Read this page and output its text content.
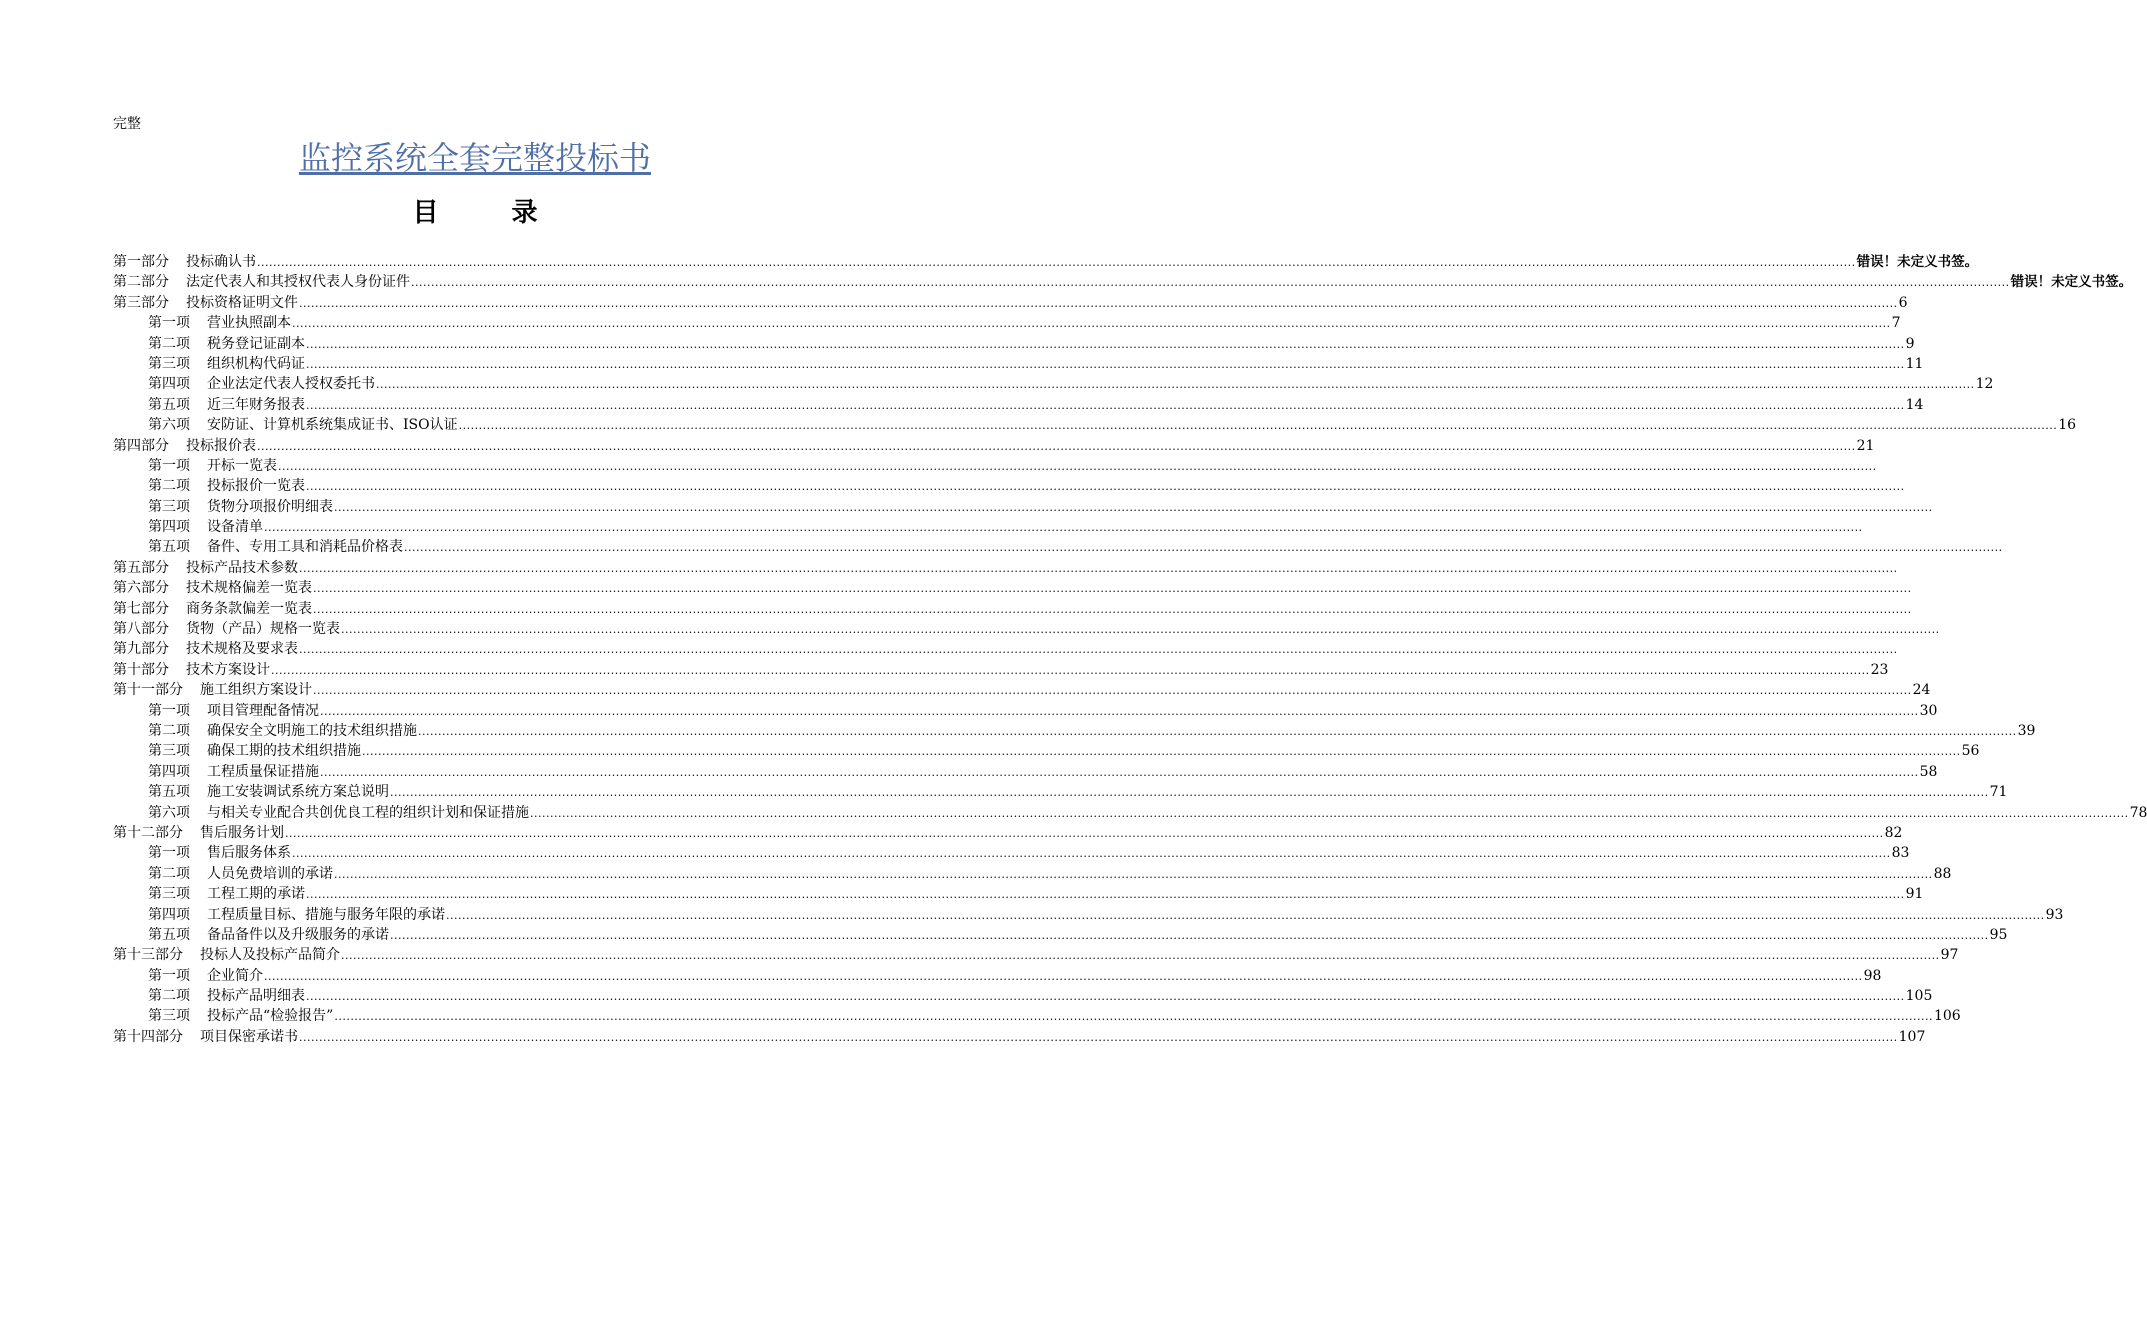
完整
监控系统全套完整投标书
目 录
第一部分 投标确认书 ................................................................................................................................................................................................................................................................................................................................................................................................................ 错误！未定义书签。
第二部分 法定代表人和其授权代表人身份证件 ................................................................................................................................................................................................................................................................................................................................................................................................................ 错误！未定义书签。
第三部分 投标资格证明文件 ................................................................................................................................................................................................................................................................................................................................................................................................................ 6
第一项 营业执照副本 ................................................................................................................................................................................................................................................................................................................................................................................................................ 7
第二项 税务登记证副本 ................................................................................................................................................................................................................................................................................................................................................................................................................ 9
第三项 组织机构代码证 ................................................................................................................................................................................................................................................................................................................................................................................................................ 11
第四项 企业法定代表人授权委托书 ................................................................................................................................................................................................................................................................................................................................................................................................................ 12
第五项 近三年财务报表 ................................................................................................................................................................................................................................................................................................................................................................................................................ 14
第六项 安防证、计算机系统集成证书、ISO认证 ................................................................................................................................................................................................................................................................................................................................................................................................................ 16
第四部分 投标报价表 ................................................................................................................................................................................................................................................................................................................................................................................................................ 21
第一项 开标一览表 ................................................................................................................................................................................................................................................................................................................................................................................................................
第二项 投标报价一览表 ................................................................................................................................................................................................................................................................................................................................................................................................................
第三项 货物分项报价明细表 ................................................................................................................................................................................................................................................................................................................................................................................................................
第四项 设备清单 ................................................................................................................................................................................................................................................................................................................................................................................................................
第五项 备件、专用工具和消耗品价格表 ................................................................................................................................................................................................................................................................................................................................................................................................................
第五部分 投标产品技术参数 ................................................................................................................................................................................................................................................................................................................................................................................................................
第六部分 技术规格偏差一览表 ................................................................................................................................................................................................................................................................................................................................................................................................................
第七部分 商务条款偏差一览表 ................................................................................................................................................................................................................................................................................................................................................................................................................
第八部分 货物（产品）规格一览表 ................................................................................................................................................................................................................................................................................................................................................................................................................
第九部分 技术规格及要求表 ................................................................................................................................................................................................................................................................................................................................................................................................................
第十部分 技术方案设计 ................................................................................................................................................................................................................................................................................................................................................................................................................ 23
第十一部分 施工组织方案设计 ................................................................................................................................................................................................................................................................................................................................................................................................................ 24
第一项 项目管理配备情况 ................................................................................................................................................................................................................................................................................................................................................................................................................ 30
第二项 确保安全文明施工的技术组织措施 ................................................................................................................................................................................................................................................................................................................................................................................................................ 39
第三项 确保工期的技术组织措施 ................................................................................................................................................................................................................................................................................................................................................................................................................ 56
第四项 工程质量保证措施 ................................................................................................................................................................................................................................................................................................................................................................................................................ 58
第五项 施工安装调试系统方案总说明 ................................................................................................................................................................................................................................................................................................................................................................................................................ 71
第六项 与相关专业配合共创优良工程的组织计划和保证措施 ................................................................................................................................................................................................................................................................................................................................................................................................................ 78
第十二部分 售后服务计划 ................................................................................................................................................................................................................................................................................................................................................................................................................ 82
第一项 售后服务体系 ................................................................................................................................................................................................................................................................................................................................................................................................................ 83
第二项 人员免费培训的承诺 ................................................................................................................................................................................................................................................................................................................................................................................................................ 88
第三项 工程工期的承诺 ................................................................................................................................................................................................................................................................................................................................................................................................................ 91
第四项 工程质量目标、措施与服务年限的承诺 ................................................................................................................................................................................................................................................................................................................................................................................................................ 93
第五项 备品备件以及升级服务的承诺 ................................................................................................................................................................................................................................................................................................................................................................................................................ 95
第十三部分 投标人及投标产品简介 ................................................................................................................................................................................................................................................................................................................................................................................................................ 97
第一项 企业简介 ................................................................................................................................................................................................................................................................................................................................................................................................................ 98
第二项 投标产品明细表 ................................................................................................................................................................................................................................................................................................................................................................................................................ 105
第三项 投标产品“检验报告” ................................................................................................................................................................................................................................................................................................................................................................................................................ 106
第十四部分 项目保密承诺书 ................................................................................................................................................................................................................................................................................................................................................................................................................ 107
